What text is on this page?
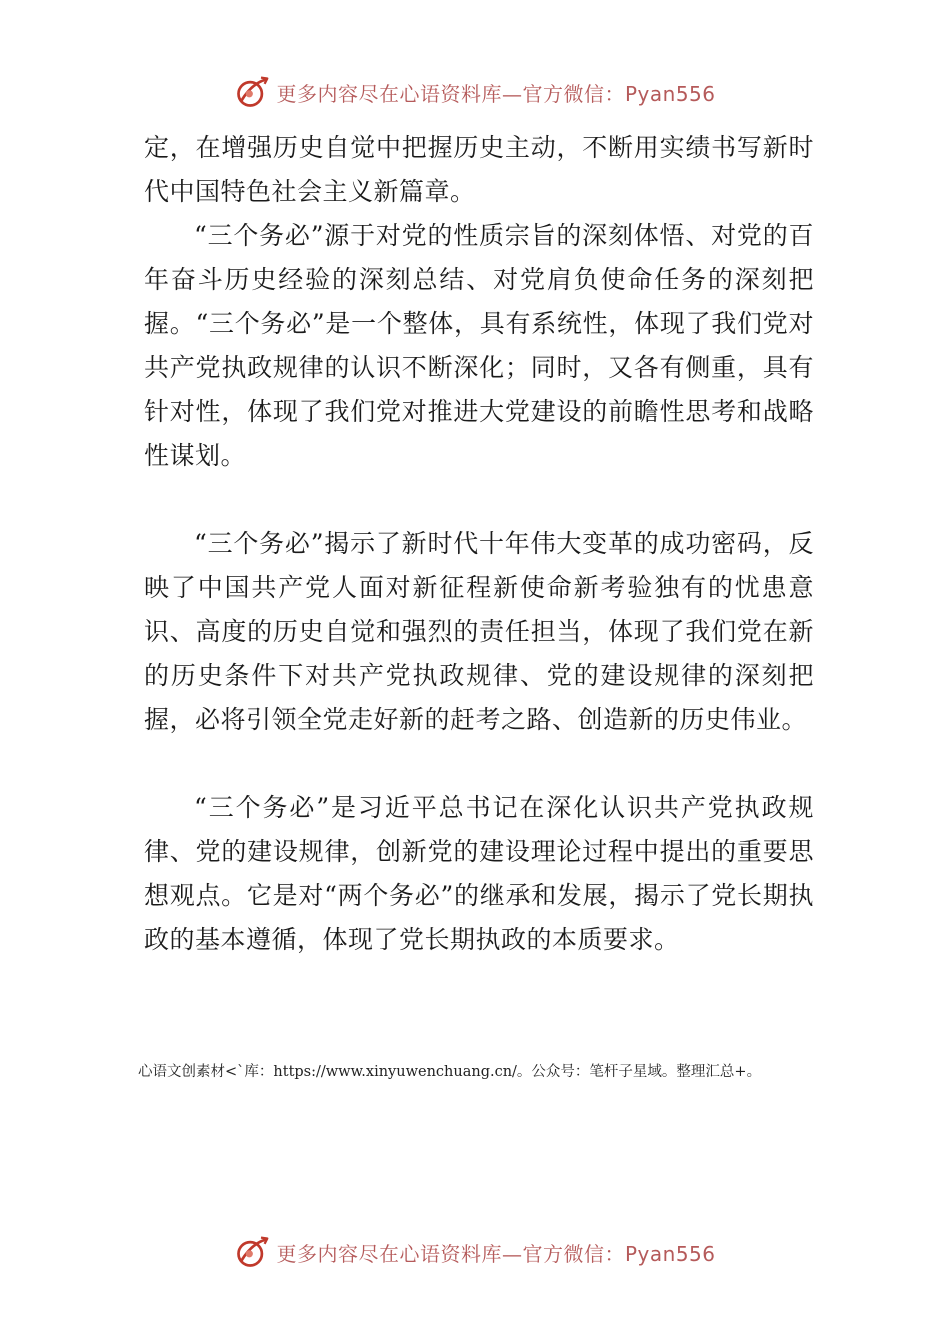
更多内容尽在心语资料库—官方微信：Pyan556

定，在增强历史自觉中把握历史主动，不断用实绩书写新时代中国特色社会主义新篇章。

“三个务必”源于对党的性质宗旨的深刻体悟、对党的百年奋斗历史经验的深刻总结、对党肩负使命任务的深刻把握。“三个务必”是一个整体，具有系统性，体现了我们党对共产党执政规律的认识不断深化；同时，又各有侧重，具有针对性，体现了我们党对推进大党建设的前瞻性思考和战略性谋划。

“三个务必”揭示了新时代十年伟大变革的成功密码，反映了中国共产党人面对新征程新使命新考验独有的忧患意识、高度的历史自觉和强烈的责任担当，体现了我们党在新的历史条件下对共产党执政规律、党的建设规律的深刻把握，必将引领全党走好新的赶考之路、创造新的历史伟业。

“三个务必”是习近平总书记在深化认识共产党执政规律、党的建设规律，创新党的建设理论过程中提出的重要思想观点。它是对“两个务必”的继承和发展，揭示了党长期执政的基本遵循，体现了党长期执政的本质要求。

心语文创素材<`库：https://www.xinyuwenchuang.cn/。公众号：笔杆子星域。整理汇总+。
更多内容尽在心语资料库—官方微信：Pyan556
